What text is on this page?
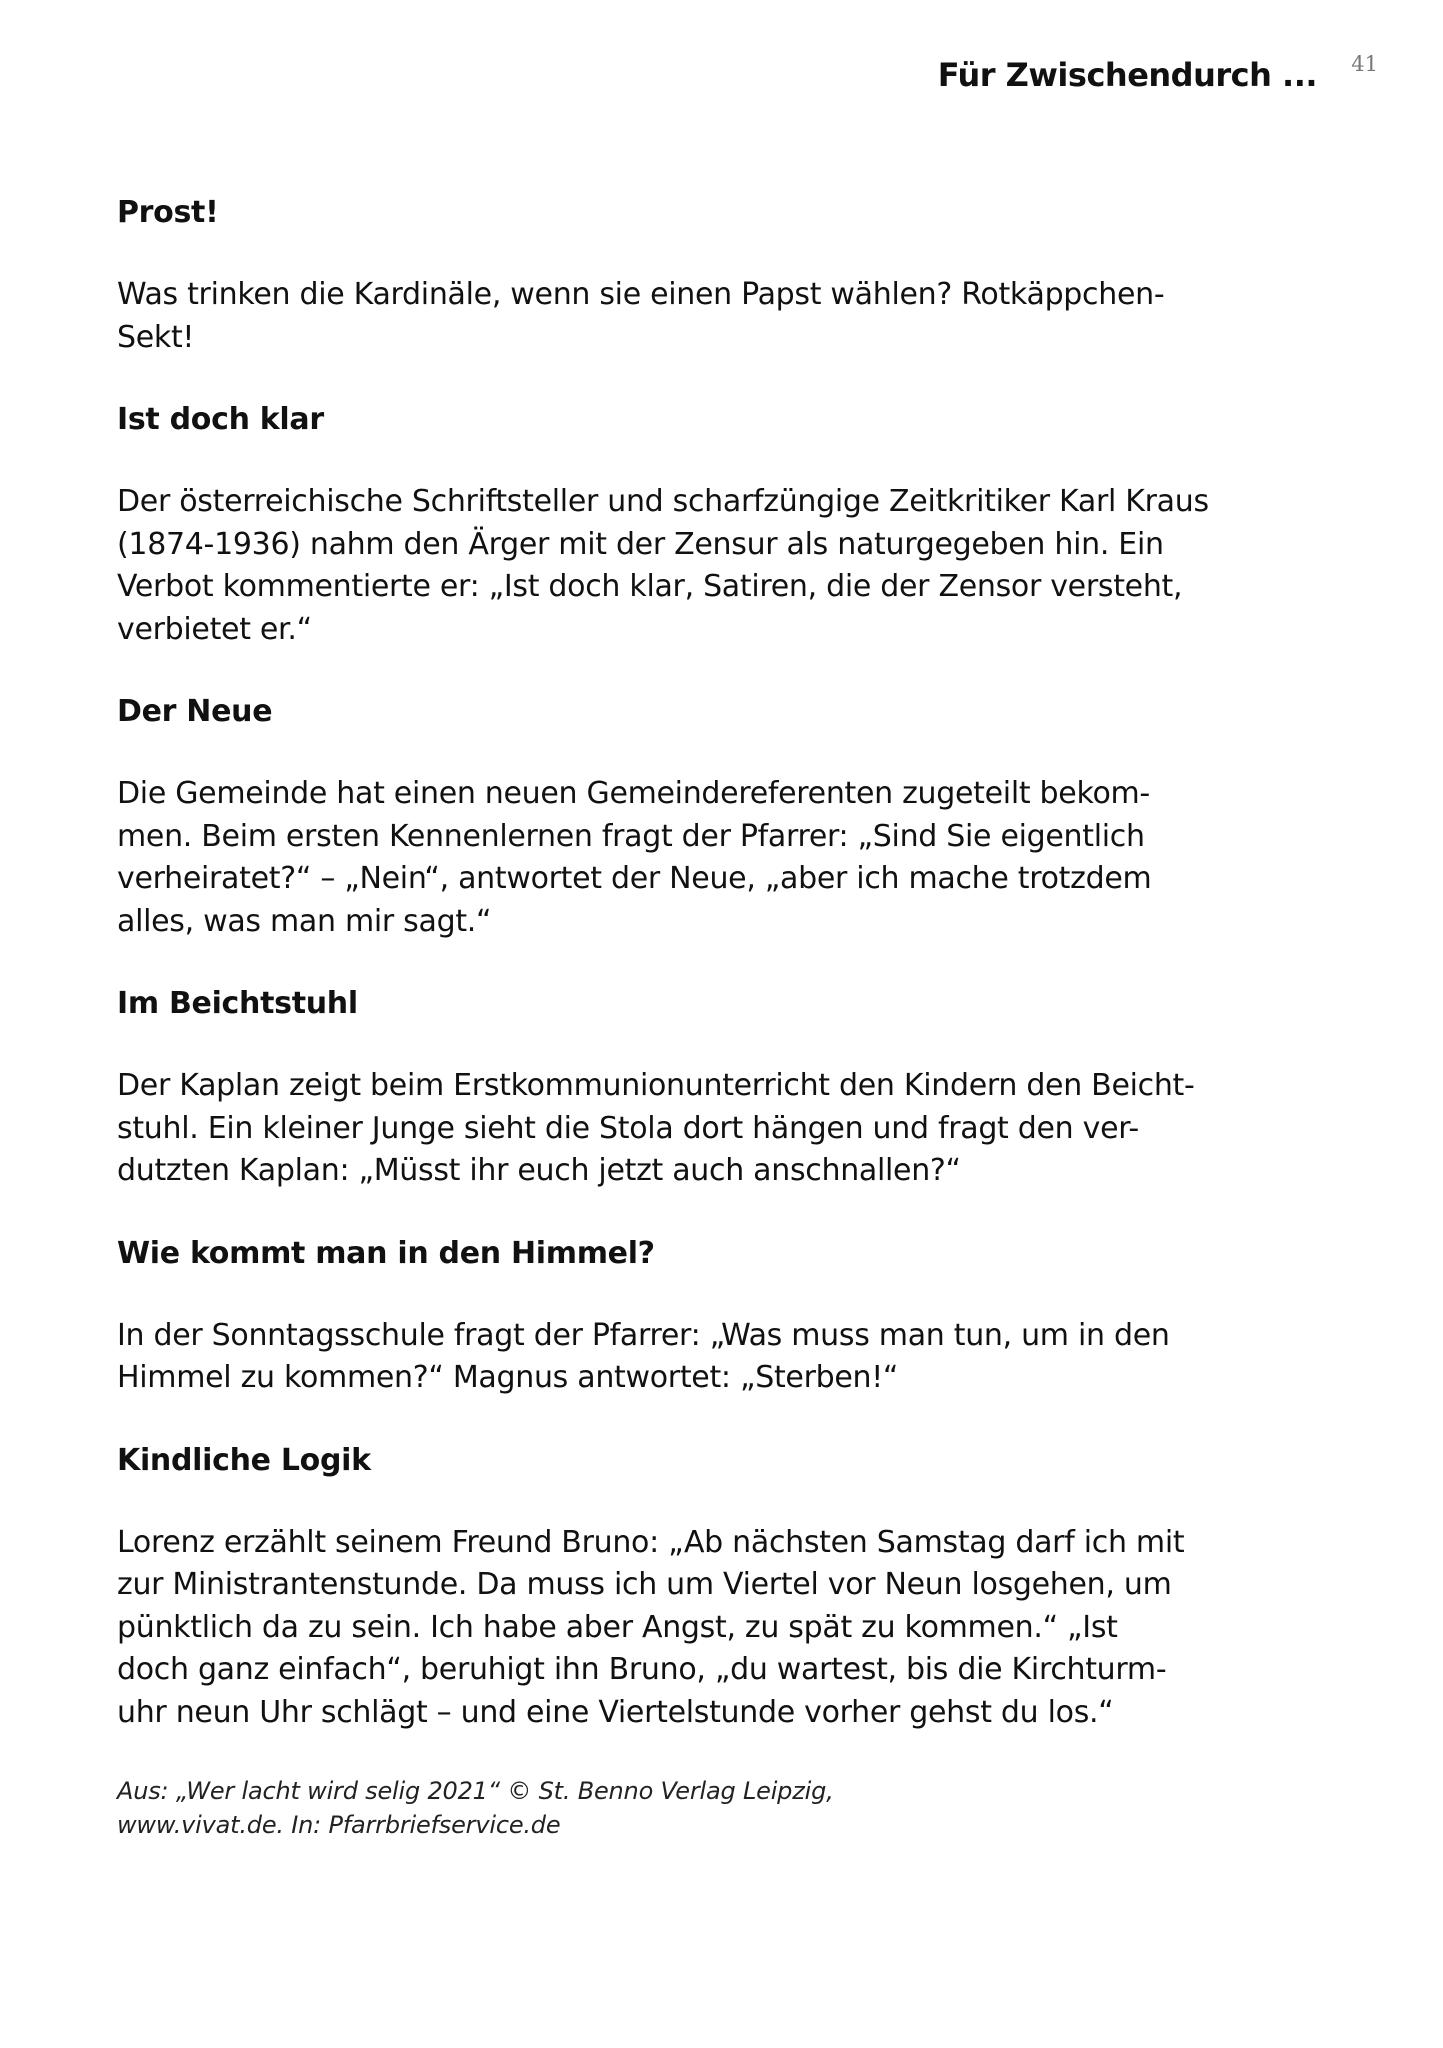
Für Zwischendurch ... 41
Prost!
Was trinken die Kardinäle, wenn sie einen Papst wählen? Rotkäppchen-
Sekt!
Ist doch klar
Der österreichische Schriftsteller und scharfzüngige Zeitkritiker Karl Kraus
(1874-1936) nahm den Ärger mit der Zensur als naturgegeben hin. Ein
Verbot kommentierte er: „Ist doch klar, Satiren, die der Zensor versteht,
verbietet er.“
Der Neue
Die Gemeinde hat einen neuen Gemeindereferenten zugeteilt bekom-
men. Beim ersten Kennenlernen fragt der Pfarrer: „Sind Sie eigentlich
verheiratet?“ – „Nein“, antwortet der Neue, „aber ich mache trotzdem
alles, was man mir sagt.“
Im Beichtstuhl
Der Kaplan zeigt beim Erstkommunionunterricht den Kindern den Beicht-
stuhl. Ein kleiner Junge sieht die Stola dort hängen und fragt den ver-
dutzten Kaplan: „Müsst ihr euch jetzt auch anschnallen?“
Wie kommt man in den Himmel?
In der Sonntagsschule fragt der Pfarrer: „Was muss man tun, um in den
Himmel zu kommen?“ Magnus antwortet: „Sterben!“
Kindliche Logik
Lorenz erzählt seinem Freund Bruno: „Ab nächsten Samstag darf ich mit
zur Ministrantenstunde. Da muss ich um Viertel vor Neun losgehen, um
pünktlich da zu sein. Ich habe aber Angst, zu spät zu kommen.“ „Ist
doch ganz einfach“, beruhigt ihn Bruno, „du wartest, bis die Kirchturm-
uhr neun Uhr schlägt – und eine Viertelstunde vorher gehst du los.“
Aus: „Wer lacht wird selig 2021“ © St. Benno Verlag Leipzig,
www.vivat.de. In: Pfarrbriefservice.de
